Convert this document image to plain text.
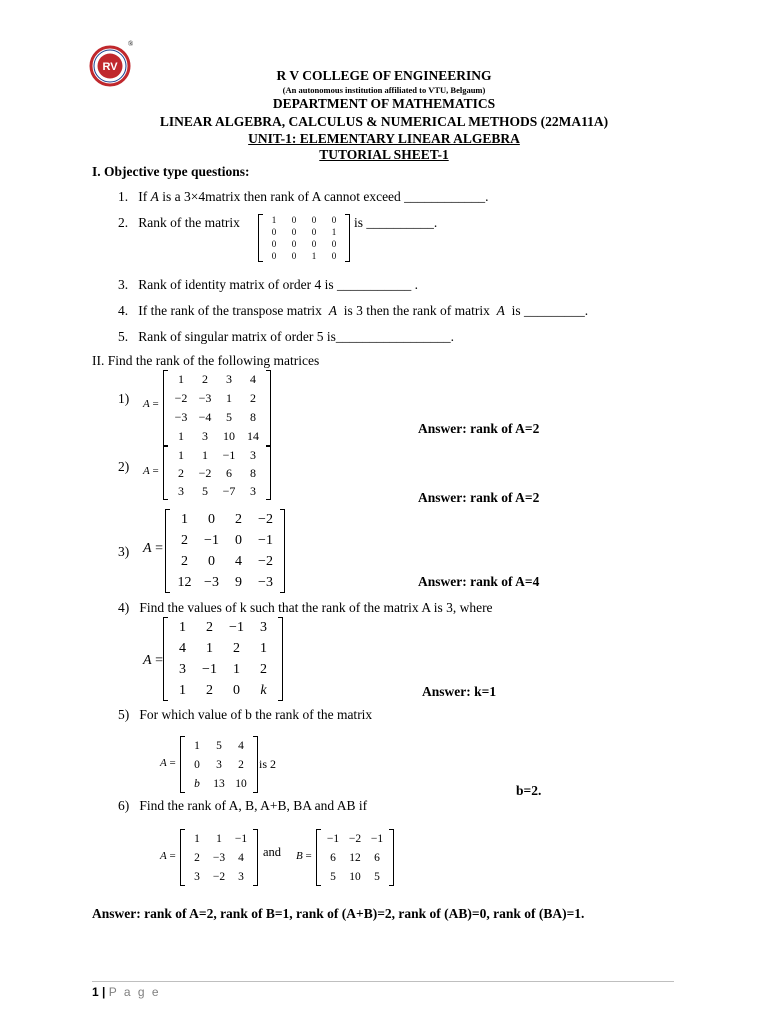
RV
®
R V COLLEGE OF ENGINEERING
(An autonomous institution affiliated to VTU, Belgaum)
DEPARTMENT OF MATHEMATICS
LINEAR ALGEBRA, CALCULUS & NUMERICAL METHODS (22MA11A)
UNIT-1: ELEMENTARY LINEAR ALGEBRA
TUTORIAL SHEET-1
I. Objective type questions:
1. If A is a 3×4matrix then rank of A cannot exceed ____________.
2. Rank of the matrix	1	0	0	0
0	0	0	1
0	0	0	0
0	0	1	0
is __________.
3. Rank of identity matrix of order 4 is ___________ .
4. If the rank of the transpose matrix A is 3 then the rank of matrix A is _________.
5. Rank of singular matrix of order 5 is_________________.
II. Find the rank of the following matrices
1) A =
1	2	3	4
−2	−3	1	2
−3	−4	5	8
1	3	10	14	Answer: rank of A=2
2) A =
1	1	−1	3
2	−2	6	8
3	5	−7	3	Answer: rank of A=2
3) A =
1	0	2	−2
2	−1	0	−1
2	0	4	−2
12	−3	9	−3	Answer: rank of A=4
4) Find the values of k such that the rank of the matrix A is 3, where
A =
1	2	−1	3
4	1	2	1
3	−1	1	2
1	2	0	k	Answer: k=1
5) For which value of b the rank of the matrix
A =
1	5	4
0	3	2
b	13	10
is 2
b=2.
6) Find the rank of A, B, A+B, BA and AB if
A =
1	1	−1
2	−3	4
3	−2	3
and B =
−1	−2	−1
6	12	6
5	10	5
Answer: rank of A=2, rank of B=1, rank of (A+B)=2, rank of (AB)=0, rank of (BA)=1.
1 | P a g e
